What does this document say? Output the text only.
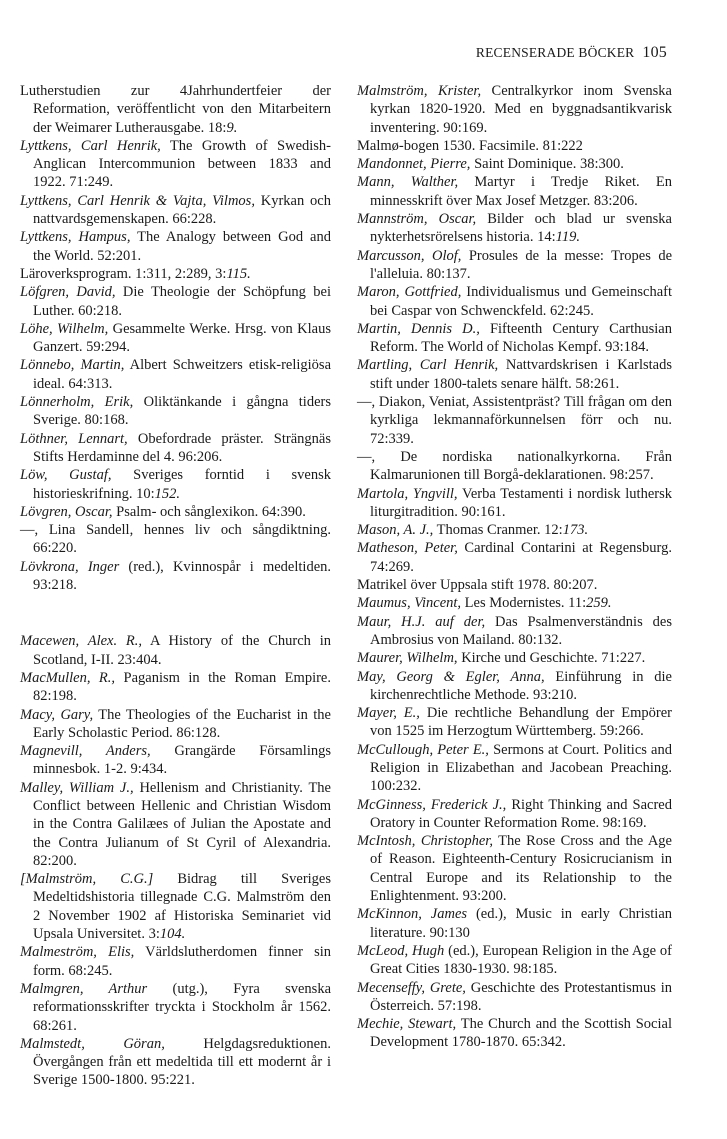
RECENSERADE BÖCKER 105

Lutherstudien zur 4Jahrhundertfeier der Reformation, veröffentlicht von den Mitarbeitern der Weimarer Lutherausgabe. 18:9.

Lyttkens, Carl Henrik, The Growth of Swedish-Anglican Intercommunion between 1833 and 1922. 71:249.

Lyttkens, Carl Henrik & Vajta, Vilmos, Kyrkan och nattvardsgemenskapen. 66:228.

Lyttkens, Hampus, The Analogy between God and the World. 52:201.

Läroverksprogram. 1:311, 2:289, 3:115.

Löfgren, David, Die Theologie der Schöpfung bei Luther. 60:218.

Löhe, Wilhelm, Gesammelte Werke. Hrsg. von Klaus Ganzert. 59:294.

Lönnebo, Martin, Albert Schweitzers etisk-religiösa ideal. 64:313.

Lönnerholm, Erik, Oliktänkande i gångna tiders Sverige. 80:168.

Löthner, Lennart, Obefordrade präster. Strängnäs Stifts Herdaminne del 4. 96:206.

Löw, Gustaf, Sveriges forntid i svensk historieskrifning. 10:152.

Lövgren, Oscar, Psalm- och sånglexikon. 64:390.

—, Lina Sandell, hennes liv och sångdiktning. 66:220.

Lövkrona, Inger (red.), Kvinnospår i medeltiden. 93:218.

Macewen, Alex. R., A History of the Church in Scotland, I-II. 23:404.

MacMullen, R., Paganism in the Roman Empire. 82:198.

Macy, Gary, The Theologies of the Eucharist in the Early Scholastic Period. 86:128.

Magnevill, Anders, Grangärde Församlings minnesbok. 1-2. 9:434.

Malley, William J., Hellenism and Christianity. The Conflict between Hellenic and Christian Wisdom in the Contra Galilæes of Julian the Apostate and the Contra Julianum of St Cyril of Alexandria. 82:200.

[Malmström, C.G.] Bidrag till Sveriges Medeltidshistoria tillegnade C.G. Malmström den 2 November 1902 af Historiska Seminariet vid Upsala Universitet. 3:104.

Malmeström, Elis, Världslutherdomen finner sin form. 68:245.

Malmgren, Arthur (utg.), Fyra svenska reformationsskrifter tryckta i Stockholm år 1562. 68:261.

Malmstedt, Göran, Helgdagsreduktionen. Övergången från ett medeltida till ett modernt år i Sverige 1500-1800. 95:221.

Malmström, Krister, Centralkyrkor inom Svenska kyrkan 1820-1920. Med en byggnadsantikvarisk inventering. 90:169.

Malmø-bogen 1530. Facsimile. 81:222

Mandonnet, Pierre, Saint Dominique. 38:300.

Mann, Walther, Martyr i Tredje Riket. En minnesskrift över Max Josef Metzger. 83:206.

Mannström, Oscar, Bilder och blad ur svenska nykterhetsrörelsens historia. 14:119.

Marcusson, Olof, Prosules de la messe: Tropes de l'alleluia. 80:137.

Maron, Gottfried, Individualismus und Gemeinschaft bei Caspar von Schwenckfeld. 62:245.

Martin, Dennis D., Fifteenth Century Carthusian Reform. The World of Nicholas Kempf. 93:184.

Martling, Carl Henrik, Nattvardskrisen i Karlstads stift under 1800-talets senare hälft. 58:261.

—, Diakon, Veniat, Assistentpräst? Till frågan om den kyrkliga lekmannaförkunnelsen förr och nu. 72:339.

—, De nordiska nationalkyrkorna. Från Kalmarunionen till Borgå-deklarationen. 98:257.

Martola, Yngvill, Verba Testamenti i nordisk luthersk liturgitradition. 90:161.

Mason, A. J., Thomas Cranmer. 12:173.

Matheson, Peter, Cardinal Contarini at Regensburg. 74:269.

Matrikel över Uppsala stift 1978. 80:207.

Maumus, Vincent, Les Modernistes. 11:259.

Maur, H.J. auf der, Das Psalmenverständnis des Ambrosius von Mailand. 80:132.

Maurer, Wilhelm, Kirche und Geschichte. 71:227.

May, Georg & Egler, Anna, Einführung in die kirchenrechtliche Methode. 93:210.

Mayer, E., Die rechtliche Behandlung der Empörer von 1525 im Herzogtum Württemberg. 59:266.

McCullough, Peter E., Sermons at Court. Politics and Religion in Elizabethan and Jacobean Preaching. 100:232.

McGinness, Frederick J., Right Thinking and Sacred Oratory in Counter Reformation Rome. 98:169.

McIntosh, Christopher, The Rose Cross and the Age of Reason. Eighteenth-Century Rosicrucianism in Central Europe and its Relationship to the Enlightenment. 93:200.

McKinnon, James (ed.), Music in early Christian literature. 90:130

McLeod, Hugh (ed.), European Religion in the Age of Great Cities 1830-1930. 98:185.

Mecenseffy, Grete, Geschichte des Protestantismus in Österreich. 57:198.

Mechie, Stewart, The Church and the Scottish Social Development 1780-1870. 65:342.
